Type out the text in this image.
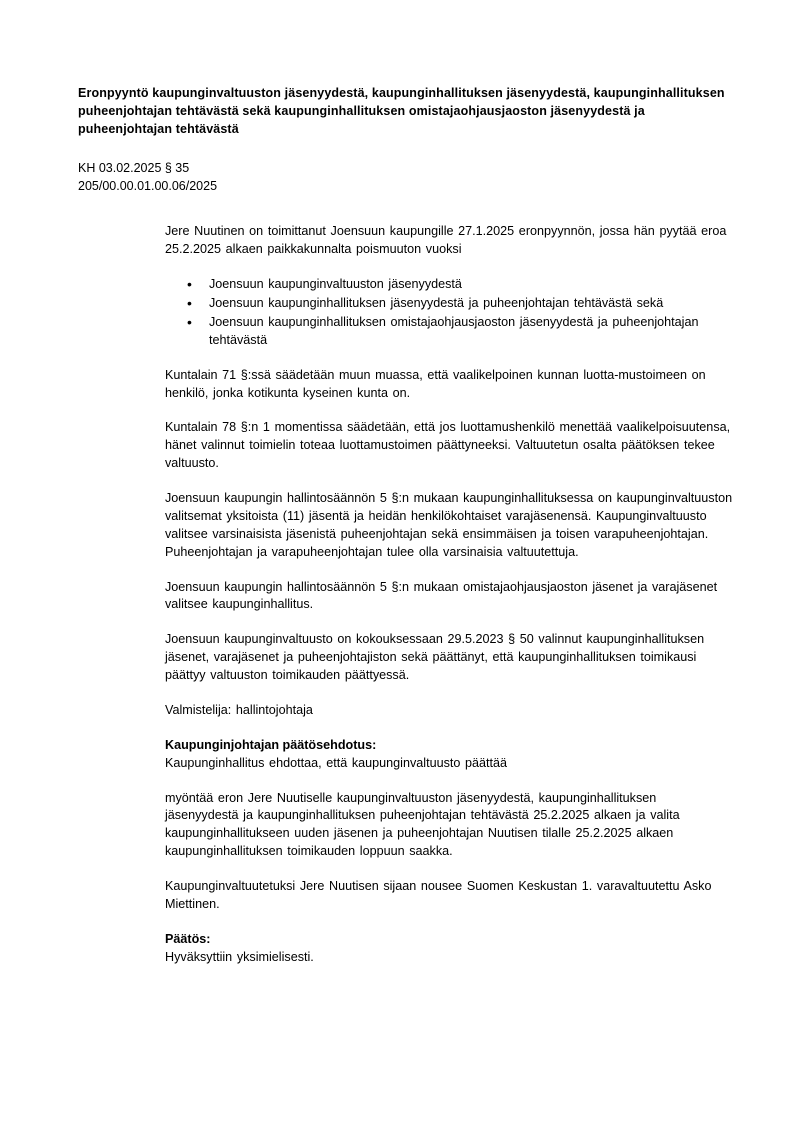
Eronpyyntö kaupunginvaltuuston jäsenyydestä, kaupunginhallituksen jäsenyydestä, kaupunginhallituksen puheenjohtajan tehtävästä sekä kaupunginhallituksen omistajaohjausjaoston jäsenyydestä ja puheenjohtajan tehtävästä
KH 03.02.2025 § 35
205/00.00.01.00.06/2025

Jere Nuutinen on toimittanut Joensuun kaupungille 27.1.2025 eronpyynnön, jossa hän pyytää eroa 25.2.2025 alkaen paikkakunnalta poismuuton vuoksi

• Joensuun kaupunginvaltuuston jäsenyydestä
• Joensuun kaupunginhallituksen jäsenyydestä ja puheenjohtajan tehtävästä sekä
• Joensuun kaupunginhallituksen omistajaohjausjaoston jäsenyydestä ja puheenjohtajan tehtävästä

Kuntalain 71 §:ssä säädetään muun muassa, että vaalikelpoinen kunnan luotta-mustoimeen on henkilö, jonka kotikunta kyseinen kunta on.

Kuntalain 78 §:n 1 momentissa säädetään, että jos luottamushenkilö menettää vaalikelpoisuutensa, hänet valinnut toimielin toteaa luottamustoimen päättyneeksi. Valtuutetun osalta päätöksen tekee valtuusto.

Joensuun kaupungin hallintosäännön 5 §:n mukaan kaupunginhallituksessa on kaupunginvaltuuston valitsemat yksitoista (11) jäsentä ja heidän henkilökohtaiset varajäsenensä. Kaupunginvaltuusto valitsee varsinaisista jäsenistä puheenjohtajan sekä ensimmäisen ja toisen varapuheenjohtajan. Puheenjohtajan ja varapuheenjohtajan tulee olla varsinaisia valtuutettuja.

Joensuun kaupungin hallintosäännön 5 §:n mukaan omistajaohjausjaoston jäsenet ja varajäsenet valitsee kaupunginhallitus.

Joensuun kaupunginvaltuusto on kokouksessaan 29.5.2023 § 50 valinnut kaupunginhallituksen jäsenet, varajäsenet ja puheenjohtajiston sekä päättänyt, että kaupunginhallituksen toimikausi päättyy valtuuston toimikauden päättyessä.

Valmistelija: hallintojohtaja

Kaupunginjohtajan päätösehdotus:

Kaupunginhallitus ehdottaa, että kaupunginvaltuusto päättää

myöntää eron Jere Nuutiselle kaupunginvaltuuston jäsenyydestä, kaupunginhallituksen jäsenyydestä ja kaupunginhallituksen puheenjohtajan tehtävästä 25.2.2025 alkaen ja valita kaupunginhallitukseen uuden jäsenen ja puheenjohtajan Nuutisen tilalle 25.2.2025 alkaen kaupunginhallituksen toimikauden loppuun saakka.

Kaupunginvaltuutetuksi Jere Nuutisen sijaan nousee Suomen Keskustan 1. varavaltuutettu Asko Miettinen.

Päätös:

Hyväksyttiin yksimielisesti.
